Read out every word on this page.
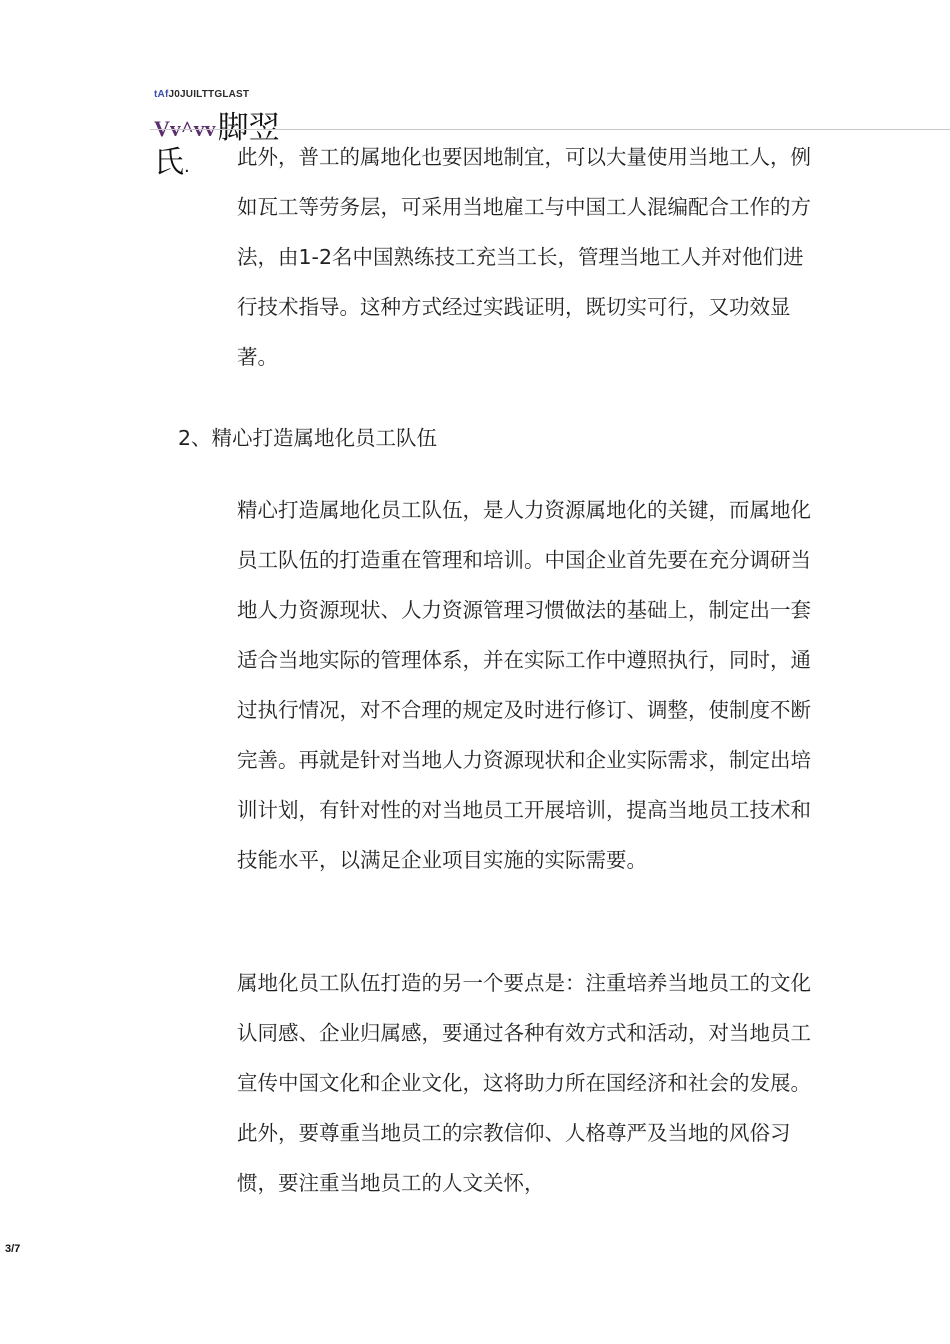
tAfJ0JUILTTGLAST
Vv^vv 脚翌
氏. 此外，普工的属地化也要因地制宜，可以大量使用当地工人，例如瓦工等劳务层，可采用当地雇工与中国工人混编配合工作的方法，由1-2名中国熟练技工充当工长，管理当地工人并对他们进行技术指导。这种方式经过实践证明，既切实可行，又功效显著。

2、精心打造属地化员工队伍

精心打造属地化员工队伍，是人力资源属地化的关键，而属地化员工队伍的打造重在管理和培训。中国企业首先要在充分调研当地人力资源现状、人力资源管理习惯做法的基础上，制定出一套适合当地实际的管理体系，并在实际工作中遵照执行，同时，通过执行情况，对不合理的规定及时进行修订、调整，使制度不断完善。再就是针对当地人力资源现状和企业实际需求，制定出培训计划，有针对性的对当地员工开展培训，提高当地员工技术和技能水平，以满足企业项目实施的实际需要。

属地化员工队伍打造的另一个要点是：注重培养当地员工的文化认同感、企业归属感，要通过各种有效方式和活动，对当地员工宣传中国文化和企业文化，这将助力所在国经济和社会的发展。此外，要尊重当地员工的宗教信仰、人格尊严及当地的风俗习惯，要注重当地员工的人文关怀，

3/7
